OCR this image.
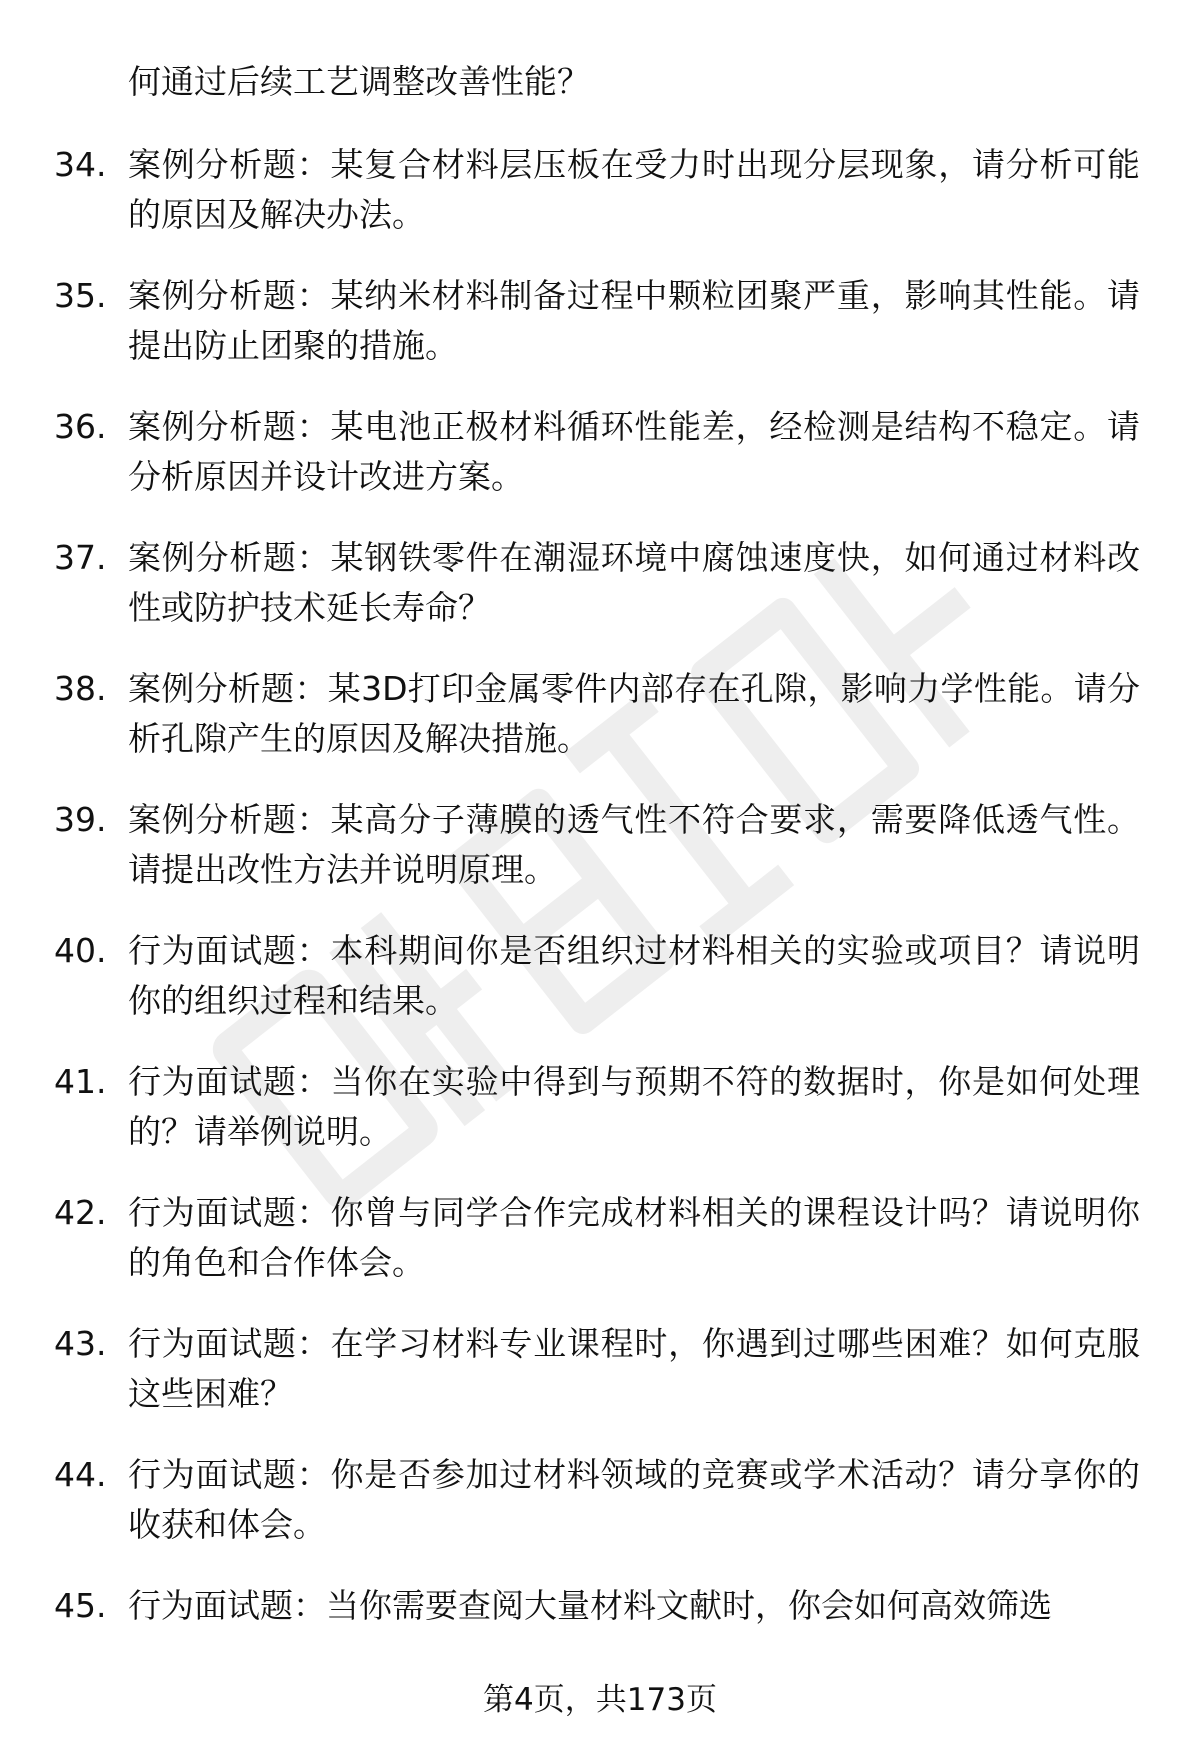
何通过后续工艺调整改善性能？
34. 案例分析题：某复合材料层压板在受力时出现分层现象，请分析可能的原因及解决办法。
35. 案例分析题：某纳米材料制备过程中颗粒团聚严重，影响其性能。请提出防止团聚的措施。
36. 案例分析题：某电池正极材料循环性能差，经检测是结构不稳定。请分析原因并设计改进方案。
37. 案例分析题：某钢铁零件在潮湿环境中腐蚀速度快，如何通过材料改性或防护技术延长寿命？
38. 案例分析题：某3D打印金属零件内部存在孔隙，影响力学性能。请分析孔隙产生的原因及解决措施。
39. 案例分析题：某高分子薄膜的透气性不符合要求，需要降低透气性。请提出改性方法并说明原理。
40. 行为面试题：本科期间你是否组织过材料相关的实验或项目？请说明你的组织过程和结果。
41. 行为面试题：当你在实验中得到与预期不符的数据时，你是如何处理的？请举例说明。
42. 行为面试题：你曾与同学合作完成材料相关的课程设计吗？请说明你的角色和合作体会。
43. 行为面试题：在学习材料专业课程时，你遇到过哪些困难？如何克服这些困难？
44. 行为面试题：你是否参加过材料领域的竞赛或学术活动？请分享你的收获和体会。
45. 行为面试题：当你需要查阅大量材料文献时，你会如何高效筛选
第4页，共173页
